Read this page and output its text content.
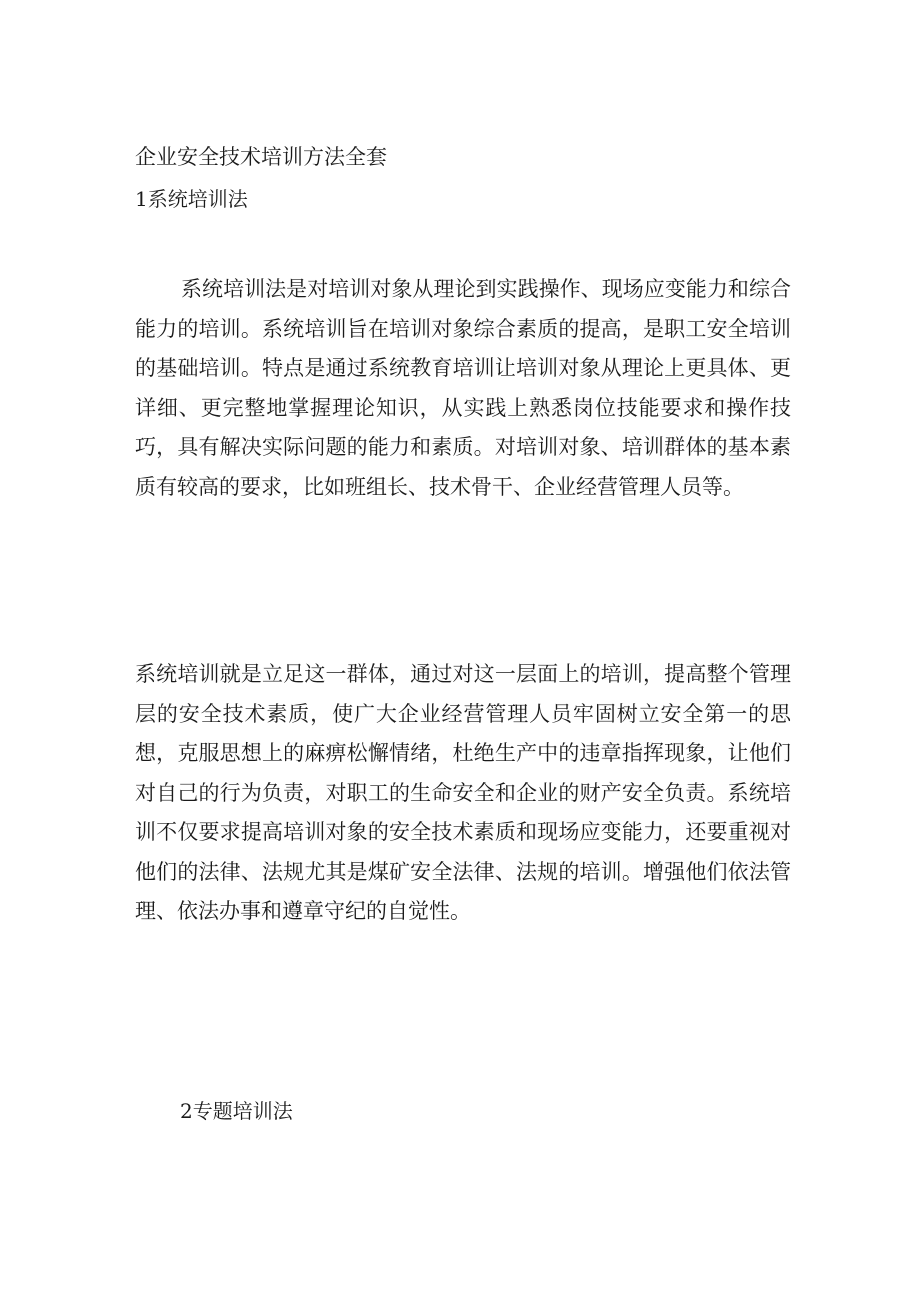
企业安全技术培训方法全套
1系统培训法
系统培训法是对培训对象从理论到实践操作、现场应变能力和综合能力的培训。系统培训旨在培训对象综合素质的提高，是职工安全培训的基础培训。特点是通过系统教育培训让培训对象从理论上更具体、更详细、更完整地掌握理论知识，从实践上熟悉岗位技能要求和操作技巧，具有解决实际问题的能力和素质。对培训对象、培训群体的基本素质有较高的要求，比如班组长、技术骨干、企业经营管理人员等。
系统培训就是立足这一群体，通过对这一层面上的培训，提高整个管理层的安全技术素质，使广大企业经营管理人员牢固树立安全第一的思想，克服思想上的麻痹松懈情绪，杜绝生产中的违章指挥现象，让他们对自己的行为负责，对职工的生命安全和企业的财产安全负责。系统培训不仅要求提高培训对象的安全技术素质和现场应变能力，还要重视对他们的法律、法规尤其是煤矿安全法律、法规的培训。增强他们依法管理、依法办事和遵章守纪的自觉性。
2专题培训法
